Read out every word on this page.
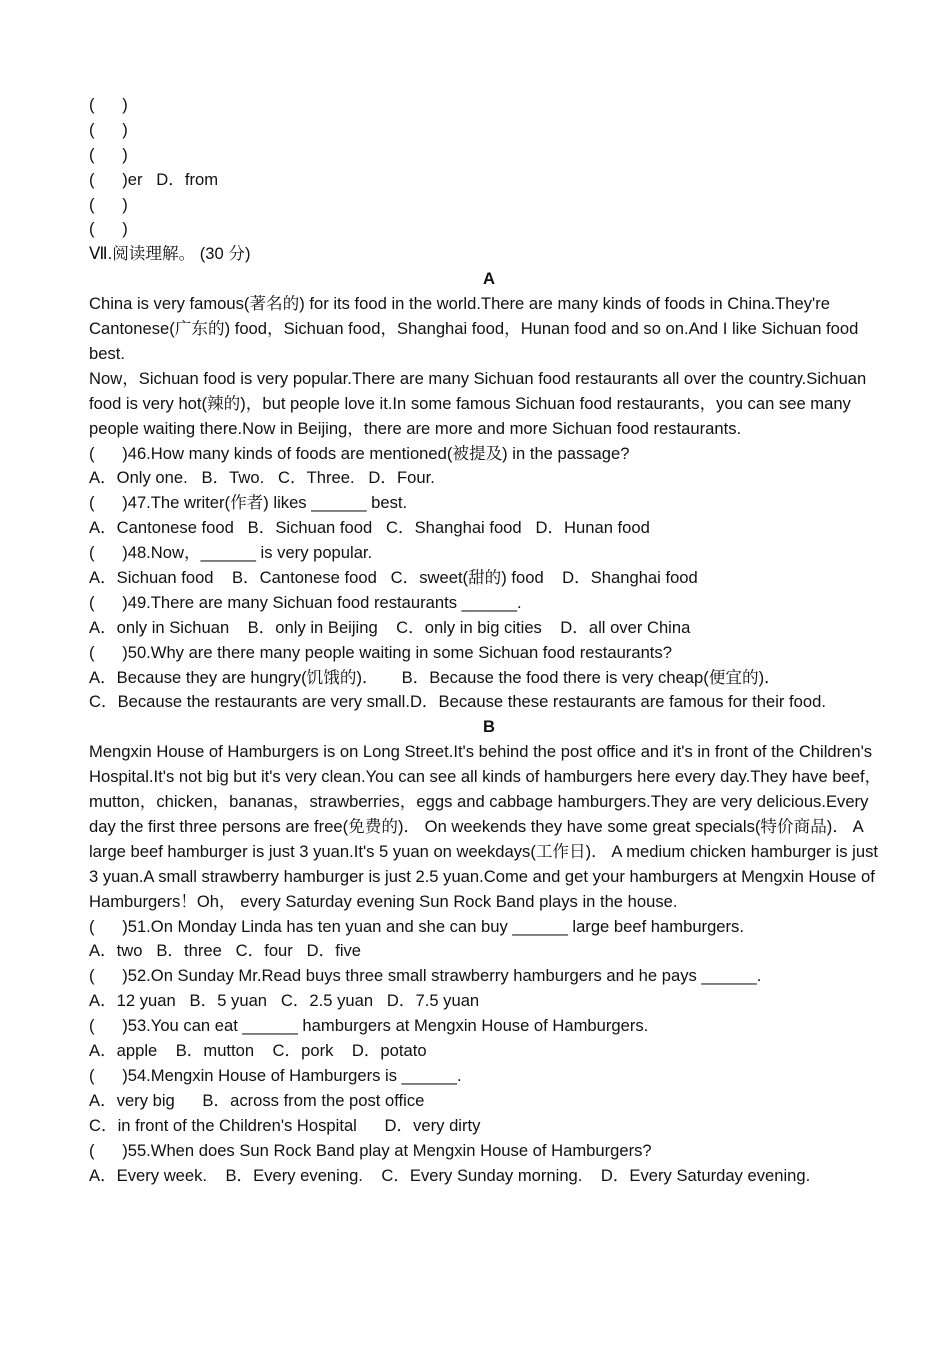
(      )
(      )
(      )
(      )er   D．from
(      )
(      )
Ⅶ.阅读理解。 (30 分)
A
China is very famous(著名的) for its food in the world.There are many kinds of foods in China.They're Cantonese(广东的) food，Sichuan food，Shanghai food，Hunan food and so on.And I like Sichuan food best.
Now，Sichuan food is very popular.There are many Sichuan food restaurants all over the country.Sichuan food is very hot(辣的)，but people love it.In some famous Sichuan food restaurants，you can see many people waiting there.Now in Beijing，there are more and more Sichuan food restaurants.
(      )46.How many kinds of foods are mentioned(被提及) in the passage?
A．Only one.   B．Two.   C．Three.   D．Four.
(      )47.The writer(作者) likes ______ best.
A．Cantonese food   B．Sichuan food   C．Shanghai food   D．Hunan food
(      )48.Now，______ is very popular.
A．Sichuan food    B．Cantonese food   C．sweet(甜的) food    D．Shanghai food
(      )49.There are many Sichuan food restaurants ______.
A．only in Sichuan    B．only in Beijing    C．only in big cities    D．all over China
(      )50.Why are there many people waiting in some Sichuan food restaurants?
A．Because they are hungry(饥饿的)．     B．Because the food there is very cheap(便宜的)．
C．Because the restaurants are very small.D．Because these restaurants are famous for their food.
B
Mengxin House of Hamburgers is on Long Street.It's behind the post office and it's in front of the Children's Hospital.It's not big but it's very clean.You can see all kinds of hamburgers here every day.They have beef，mutton，chicken，bananas，strawberries，eggs and cabbage hamburgers.They are very delicious.Every day the first three persons are free(免费的)． On weekends they have some great specials(特价商品)． A large beef hamburger is just 3 yuan.It's 5 yuan on weekdays(工作日)． A medium chicken hamburger is just 3 yuan.A small strawberry hamburger is just 2.5 yuan.Come and get your hamburgers at Mengxin House of Hamburgers！Oh， every Saturday evening Sun Rock Band plays in the house.
(      )51.On Monday Linda has ten yuan and she can buy ______ large beef hamburgers.
A．two   B．three   C．four   D．five
(      )52.On Sunday Mr.Read buys three small strawberry hamburgers and he pays ______.
A．12 yuan   B．5 yuan   C．2.5 yuan   D．7.5 yuan
(      )53.You can eat ______ hamburgers at Mengxin House of Hamburgers.
A．apple    B．mutton    C．pork    D．potato
(      )54.Mengxin House of Hamburgers is ______.
A．very big      B．across from the post office
C．in front of the Children's Hospital      D．very dirty
(      )55.When does Sun Rock Band play at Mengxin House of Hamburgers?
A．Every week.    B．Every evening.    C．Every Sunday morning.    D．Every Saturday evening.
